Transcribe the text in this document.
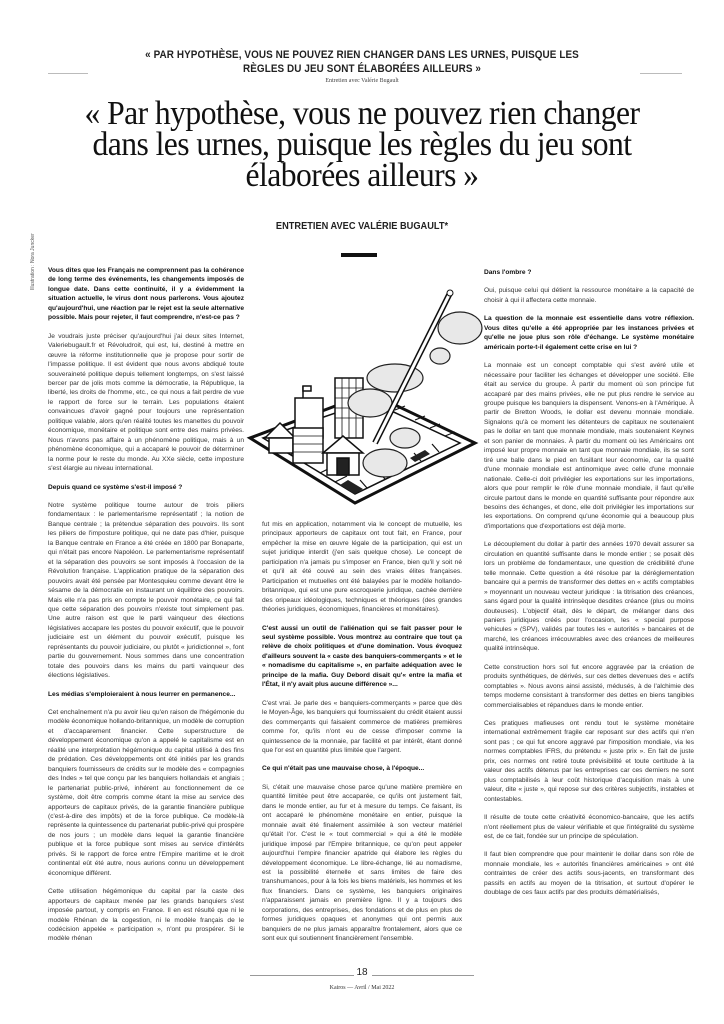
« PAR HYPOTHÈSE, VOUS NE POUVEZ RIEN CHANGER DANS LES URNES, PUISQUE LES RÈGLES DU JEU SONT ÉLABORÉES AILLEURS »
Entretien avec Valérie Bugault
« Par hypothèse, vous ne pouvez rien changer dans les urnes, puisque les règles du jeu sont élaborées ailleurs »
ENTRETIEN AVEC VALÉRIE BUGAULT*
Illustration : Nora Juncker Vous dites que les Français ne comprennent pas la cohérence de long terme des événements, les changements imposés de longue date. Dans cette continuité, il y a évidemment la situation actuelle, le virus dont nous parlerons. Vous ajoutez qu'aujourd'hui, une réaction par le rejet est la seule alternative possible. Mais pour rejeter, il faut comprendre, n'est-ce pas ?

Je voudrais juste préciser qu'aujourd'hui j'ai deux sites Internet, Valeriebugault.fr et Révoludroit, qui est, lui, destiné à mettre en œuvre la réforme institutionnelle que je propose pour sortir de l'impasse politique. Il est évident que nous avons abdiqué toute souveraineté politique depuis tellement longtemps, on s'est laissé bercer par de jolis mots comme la démocratie, la République, la liberté, les droits de l'homme, etc., ce qui nous a fait perdre de vue le rapport de force sur le terrain. Les populations étaient convaincues d'avoir gagné pour toujours une représentation politique valable, alors qu'en réalité toutes les manettes du pouvoir économique, monétaire et politique sont entre des mains privées. Nous n'avons pas affaire à un phénomène politique, mais à un phénomène économique, qui a accaparé le pouvoir de déterminer la norme pour le reste du monde. Au XXe siècle, cette imposture s'est élargie au niveau international.

Depuis quand ce système s'est-il imposé ?

Notre système politique tourne autour de trois piliers fondamentaux : le parlementarisme représentatif ; la notion de Banque centrale ; la prétendue séparation des pouvoirs. Ils sont les piliers de l'imposture politique, qui ne date pas d'hier, puisque la Banque centrale en France a été créée en 1800 par Bonaparte, qui n'était pas encore Napoléon. Le parlementarisme représentatif et la séparation des pouvoirs se sont imposés à l'occasion de la Révolution française. L'application pratique de la séparation des pouvoirs avait été pensée par Montesquieu comme devant être le sésame de la démocratie en instaurant un équilibre des pouvoirs. Mais elle n'a pas pris en compte le pouvoir monétaire, ce qui fait que cette séparation des pouvoirs n'existe tout simplement pas. Une autre raison est que le parti vainqueur des élections législatives accapare les postes du pouvoir exécutif, que le pouvoir judiciaire est un élément du pouvoir exécutif, puisque les représentants du pouvoir judiciaire, ou plutôt « juridictionnel », font partie du gouvernement. Nous sommes dans une concentration totale des pouvoirs dans les mains du parti vainqueur des élections législatives.

Les médias s'emploieraient à nous leurrer en permanence...

Cet enchaînement n'a pu avoir lieu qu'en raison de l'hégémonie du modèle économique hollando-britannique, un modèle de corruption et d'accaparement financier. Cette superstructure de développement économique qu'on a appelé le capitalisme est en réalité une interprétation hégémonique du capital utilisé à des fins de prédation. Ces développements ont été initiés par les grands banquiers fournisseurs de crédits sur le modèle des « compagnies des Indes » tel que conçu par les banquiers hollandais et anglais ; le partenariat public-privé, inhérent au fonctionnement de ce système, doit être compris comme étant la mise au service des apporteurs de capitaux privés, de la garantie financière publique (c'est-à-dire des impôts) et de la force publique. Ce modèle-là représente la quintessence du partenariat public-privé qui prospère de nos jours ; un modèle dans lequel la garantie financière publique et la force publique sont mises au service d'intérêts privés. Si le rapport de force entre l'Empire maritime et le droit continental eût été autre, nous aurions connu un développement économique différent.

Cette utilisation hégémonique du capital par la caste des apporteurs de capitaux menée par les grands banquiers s'est imposée partout, y compris en France. Il en est résulté que ni le modèle Rhénan de la cogestion, ni le modèle français de le codécision appelée « participation », n'ont pu prospérer. Si le modèle rhénan

fut mis en application, notamment via le concept de mutuelle, les principaux apporteurs de capitaux ont tout fait, en France, pour empêcher la mise en œuvre légale de la participation, qui est un sujet juridique interdit (j'en sais quelque chose). Le concept de participation n'a jamais pu s'imposer en France, bien qu'il y soit né et qu'il ait été couvé au sein des vraies élites françaises. Participation et mutuelles ont été balayées par le modèle hollando-britannique, qui est une pure escroquerie juridique, cachée derrière des oripeaux idéologiques, techniques et théoriques (des grandes théories juridiques, économiques, financières et monétaires).

C'est aussi un outil de l'aliénation qui se fait passer pour le seul système possible. Vous montrez au contraire que tout ça relève de choix politiques et d'une domination. Vous évoquez d'ailleurs souvent la « caste des banquiers-commerçants » et le « nomadisme du capitalisme », en parfaite adéquation avec le principe de la mafia. Guy Debord disait qu'« entre la mafia et l'État, il n'y avait plus aucune différence »...

C'est vrai. Je parle des « banquiers-commerçants » parce que dès le Moyen-Âge, les banquiers qui fournissaient du crédit étaient aussi des commerçants qui faisaient commerce de matières premières comme l'or, qu'ils n'ont eu de cesse d'imposer comme la quintessence de la monnaie, par facilité et par intérêt, étant donné que l'or est en quantité plus limitée que l'argent.

Ce qui n'était pas une mauvaise chose, à l'époque...

Si, c'était une mauvaise chose parce qu'une matière première en quantité limitée peut être accaparée, ce qu'ils ont justement fait, dans le monde entier, au fur et à mesure du temps. Ce faisant, ils ont accaparé le phénomène monétaire en entier, puisque la monnaie avait été finalement assimilée à son vecteur matériel qu'était l'or. C'est le « tout commercial » qui a été le modèle juridique imposé par l'Empire britannique, ce qu'on peut appeler aujourd'hui l'empire financier apatride qui élabore les règles du développement économique. Le libre-échange, lié au nomadisme, est la possibilité éternelle et sans limites de faire des transhumances, pour à la fois les biens matériels, les hommes et les flux financiers. Dans ce système, les banquiers originaires n'apparaissent jamais en première ligne. Il y a toujours des corporations, des entreprises, des fondations et de plus en plus de formes juridiques opaques et anonymes qui ont permis aux banquiers de ne plus jamais apparaître frontalement, alors que ce sont eux qui soutiennent financièrement l'ensemble.

Dans l'ombre ?

Oui, puisque celui qui détient la ressource monétaire a la capacité de choisir à qui il affectera cette monnaie.

La question de la monnaie est essentielle dans votre réflexion. Vous dites qu'elle a été appropriée par les instances privées et qu'elle ne joue plus son rôle d'échange. Le système monétaire américain porte-t-il également cette crise en lui ?

La monnaie est un concept comptable qui s'est avéré utile et nécessaire pour faciliter les échanges et développer une société. Elle était au service du groupe. À partir du moment où son principe fut accaparé par des mains privées, elle ne put plus rendre le service au groupe puisque les banquiers la dispensent. Venons-en à l'Amérique. À partir de Bretton Woods, le dollar est devenu monnaie mondiale. Signalons qu'à ce moment les détenteurs de capitaux ne soutenaient pas le dollar en tant que monnaie mondiale, mais soutenaient Keynes et son panier de monnaies. À partir du moment où les Américains ont imposé leur propre monnaie en tant que monnaie mondiale, ils se sont tiré une balle dans le pied en fusillant leur économie, car la qualité d'une monnaie mondiale est antinomique avec celle d'une monnaie nationale. Celle-ci doit privilégier les exportations sur les importations, alors que pour remplir le rôle d'une monnaie mondiale, il faut qu'elle circule partout dans le monde en quantité suffisante pour répondre aux besoins des échanges, et donc, elle doit privilégier les importations sur les exportations. On comprend qu'une économie qui a beaucoup plus d'importations que d'exportations est déjà morte.

Le découplement du dollar à partir des années 1970 devait assurer sa circulation en quantité suffisante dans le monde entier ; se posait dès lors un problème de fondamentaux, une question de crédibilité d'une telle monnaie. Cette question a été résolue par la déréglementation bancaire qui a permis de transformer des dettes en « actifs comptables » moyennant un nouveau vecteur juridique : la titrisation des créances, sans égard pour la qualité intrinsèque desdites créance (plus ou moins douteuses). L'objectif était, dès le départ, de mélanger dans des paniers juridiques créés pour l'occasion, les « special purpose vehicules » (SPV), validés par toutes les « autorités » bancaires et de marché, les créances irrécouvrables avec des créances de meilleures qualité intrinsèque.

Cette construction hors sol fut encore aggravée par la création de produits synthétiques, de dérivés, sur ces dettes devenues des « actifs comptables ». Nous avons ainsi assisté, médusés, à de l'alchimie des temps moderne consistant à transformer des dettes en biens tangibles commercialisables et répandues dans le monde entier.

Ces pratiques mafieuses ont rendu tout le système monétaire international extrêmement fragile car reposant sur des actifs qui n'en sont pas ; ce qui fut encore aggravé par l'imposition mondiale, via les normes comptables IFRS, du prétendu « juste prix ». En fait de juste prix, ces normes ont retiré toute prévisibilité et toute certitude à la valeur des actifs détenus par les entreprises car ces derniers ne sont plus comptabilisés à leur coût historique d'acquisition mais à une valeur, dite « juste », qui repose sur des critères subjectifs, instables et contestables.

Il résulte de toute cette créativité économico-bancaire, que les actifs n'ont réellement plus de valeur vérifiable et que l'intégralité du système est, de ce fait, fondée sur un principe de spéculation.

Il faut bien comprendre que pour maintenir le dollar dans son rôle de monnaie mondiale, les « autorités financières américaines » ont été contraintes de créer des actifs sous-jacents, en transformant des passifs en actifs au moyen de la titrisation, et surtout d'opérer le doublage de ces faux actifs par des produits dématérialisés,

18
Kairos — Avril / Mai 2022
